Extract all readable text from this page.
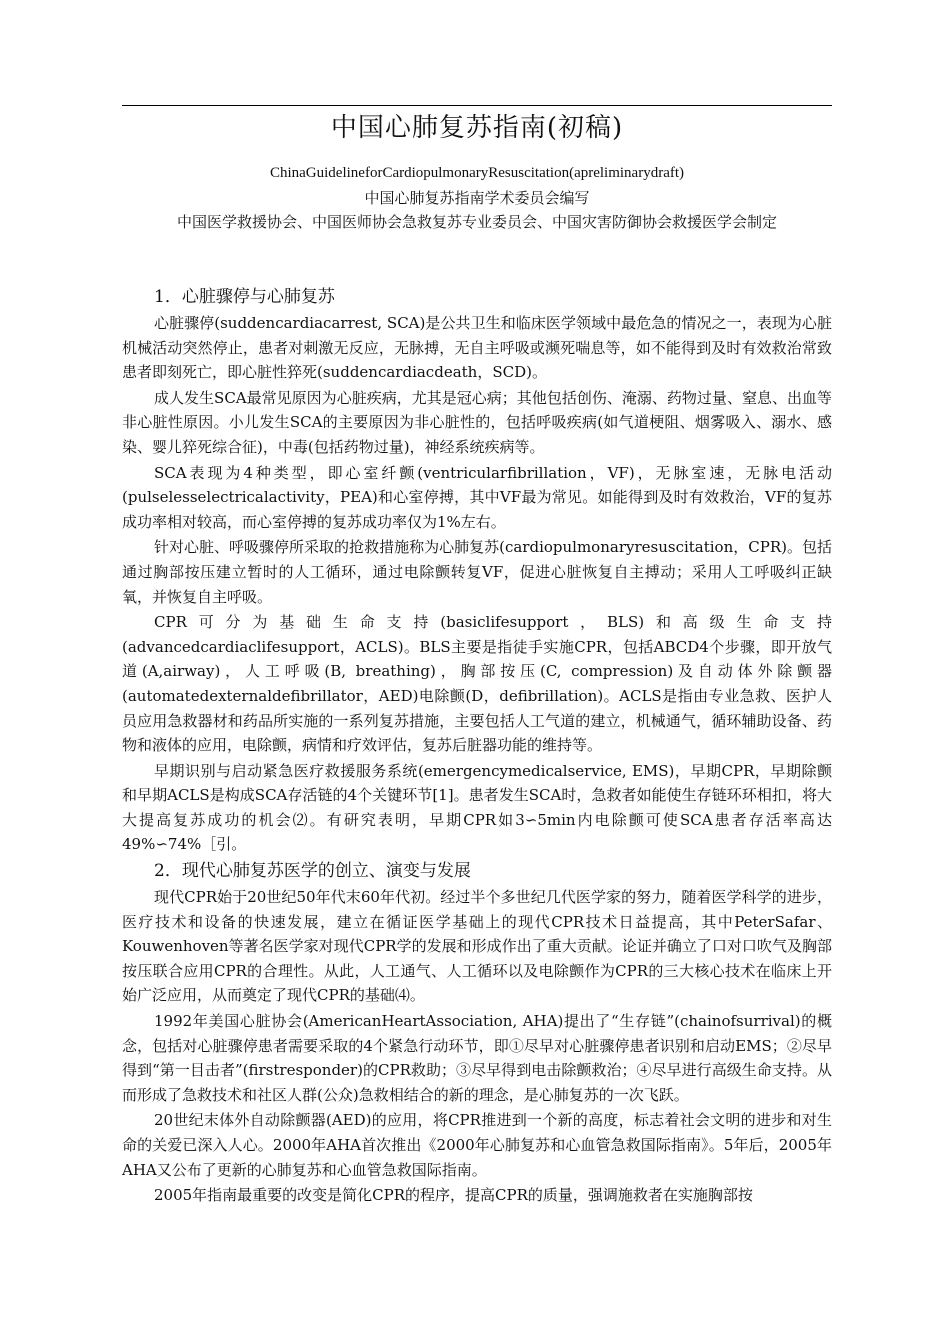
中国心肺复苏指南(初稿)
ChinaGuidelineforCardiopulmonaryResuscitation(apreliminarydraft)
中国心肺复苏指南学术委员会编写
中国医学救援协会、中国医师协会急救复苏专业委员会、中国灾害防御协会救援医学会制定
1．心脏骤停与心肺复苏

心脏骤停(suddencardiacarrest, SCA)是公共卫生和临床医学领域中最危急的情况之一，表现为心脏机械活动突然停止，患者对刺激无反应，无脉搏，无自主呼吸或濒死喘息等，如不能得到及时有效救治常致患者即刻死亡，即心脏性猝死(suddencardiacdeath，SCD)。

成人发生SCA最常见原因为心脏疾病，尤其是冠心病；其他包括创伤、淹溺、药物过量、窒息、出血等非心脏性原因。小儿发生SCA的主要原因为非心脏性的，包括呼吸疾病(如气道梗阻、烟雾吸入、溺水、感染、婴儿猝死综合征)，中毒(包括药物过量)，神经系统疾病等。

SCA表现为4种类型，即心室纤颤(ventricularfibrillation，VF)，无脉室速，无脉电活动(pulselesselectricalactivity，PEA)和心室停搏，其中VF最为常见。如能得到及时有效救治，VF的复苏成功率相对较高，而心室停搏的复苏成功率仅为1%左右。

针对心脏、呼吸骤停所采取的抢救措施称为心肺复苏(cardiopulmonaryresuscitation，CPR)。包括通过胸部按压建立暂时的人工循环，通过电除颤转复VF，促进心脏恢复自主搏动；采用人工呼吸纠正缺氧，并恢复自主呼吸。

CPR可分为基础生命支持(basiclifesupport，BLS)和高级生命支持(advancedcardiaclifesupport，ACLS)。BLS主要是指徒手实施CPR，包括ABCD4个步骤，即开放气道(A,airway)，人工呼吸(B, breathing)，胸部按压(C, compression)及自动体外除颤器(automatedexternaldefibrillator，AED)电除颤(D，defibrillation)。ACLS是指由专业急救、医护人员应用急救器材和药品所实施的一系列复苏措施，主要包括人工气道的建立，机械通气，循环辅助设备、药物和液体的应用，电除颤，病情和疗效评估，复苏后脏器功能的维持等。

早期识别与启动紧急医疗救援服务系统(emergencymedicalservice, EMS)，早期CPR，早期除颤和早期ACLS是构成SCA存活链的4个关键环节[1]。患者发生SCA时，急救者如能使生存链环环相扣，将大大提高复苏成功的机会⑵。有研究表明，早期CPR如3∽5min内电除颤可使SCA患者存活率高达49%∽74%［引。

2．现代心肺复苏医学的创立、演变与发展

现代CPR始于20世纪50年代末60年代初。经过半个多世纪几代医学家的努力，随着医学科学的进步，医疗技术和设备的快速发展，建立在循证医学基础上的现代CPR技术日益提高，其中PeterSafar、Kouwenhoven等著名医学家对现代CPR学的发展和形成作出了重大贡献。论证并确立了口对口吹气及胸部按压联合应用CPR的合理性。从此，人工通气、人工循环以及电除颤作为CPR的三大核心技术在临床上开始广泛应用，从而奠定了现代CPR的基础⑷。

1992年美国心脏协会(AmericanHeartAssociation, AHA)提出了“生存链”(chainofsurrival)的概念，包括对心脏骤停患者需要采取的4个紧急行动环节，即①尽早对心脏骤停患者识别和启动EMS；②尽早得到“第一目击者”(firstresponder)的CPR救助；③尽早得到电击除颤救治；④尽早进行高级生命支持。从而形成了急救技术和社区人群(公众)急救相结合的新的理念，是心肺复苏的一次飞跃。

20世纪末体外自动除颤器(AED)的应用，将CPR推进到一个新的高度，标志着社会文明的进步和对生命的关爱已深入人心。2000年AHA首次推出《2000年心肺复苏和心血管急救国际指南》。5年后，2005年AHA又公布了更新的心肺复苏和心血管急救国际指南。

2005年指南最重要的改变是简化CPR的程序，提高CPR的质量，强调施救者在实施胸部按
